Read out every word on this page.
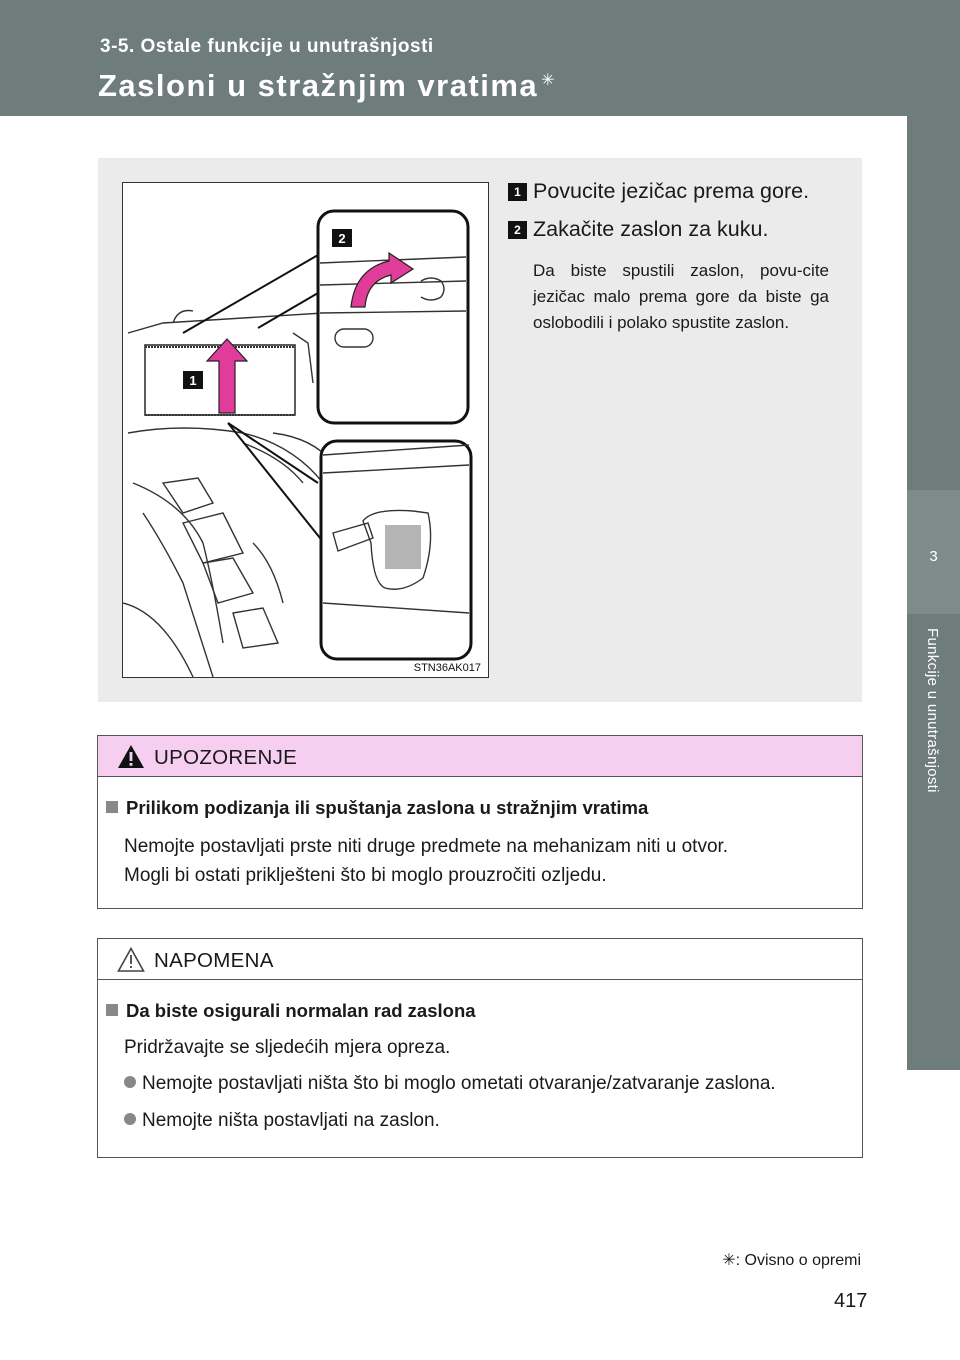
3-5. Ostale funkcije u unutrašnjosti
Zasloni u stražnjim vratima ✳
3
Funkcije u unutrašnjosti
1
2
STN36AK017
1 Povucite jezičac prema gore.
2 Zakačite zaslon za kuku.
Da biste spustili zaslon, povu-cite jezičac malo prema gore da biste ga oslobodili i polako spustite zaslon.
UPOZORENJE
Prilikom podizanja ili spuštanja zaslona u stražnjim vratima
Nemojte postavljati prste niti druge predmete na mehanizam niti u otvor.
Mogli bi ostati priklješteni što bi moglo prouzročiti ozljedu.
NAPOMENA
Da biste osigurali normalan rad zaslona
Pridržavajte se sljedećih mjera opreza.
Nemojte postavljati ništa što bi moglo ometati otvaranje/zatvaranje zaslona.
Nemojte ništa postavljati na zaslon.
✳: Ovisno o opremi
417
